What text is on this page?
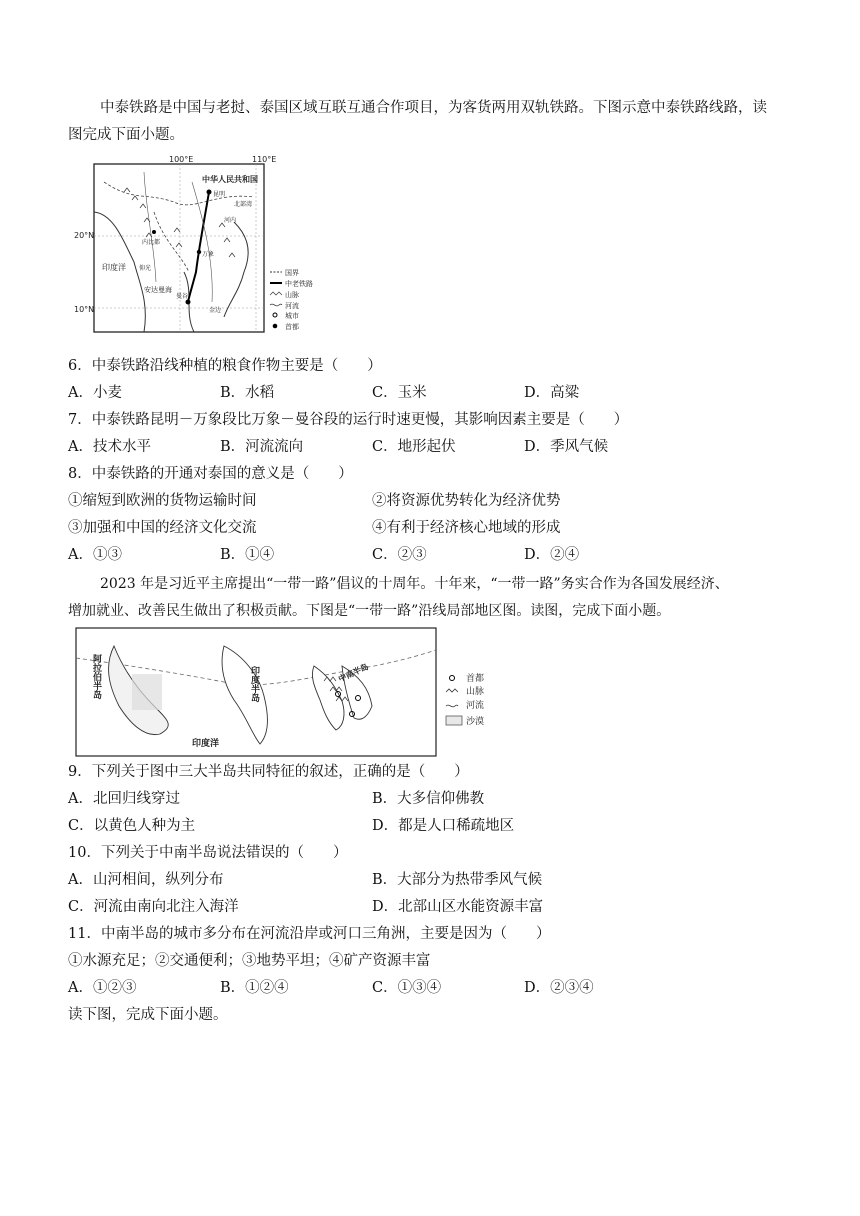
中泰铁路是中国与老挝、泰国区域互联互通合作项目，为客货两用双轨铁路。下图示意中泰铁路线路，读
图完成下面小题。
100°E	110°E
20°N
10°N
中华人民共和国
昆明
北部湾
河内
万象
内比都
曼谷
仰光
金边
印度洋
安达曼海
国界
中老铁路
山脉
河流
城市
首都
6．中泰铁路沿线种植的粮食作物主要是（　　）
A．小麦	B．水稻	C．玉米	D．高粱
7．中泰铁路昆明－万象段比万象－曼谷段的运行时速更慢，其影响因素主要是（　　）
A．技术水平	B．河流流向	C．地形起伏	D．季风气候
8．中泰铁路的开通对泰国的意义是（　　）
①缩短到欧洲的货物运输时间	②将资源优势转化为经济优势
③加强和中国的经济文化交流	④有利于经济核心地域的形成
A．①③	B．①④	C．②③	D．②④
2023 年是习近平主席提出“一带一路”倡议的十周年。十年来，“一带一路”务实合作为各国发展经济、
增加就业、改善民生做出了积极贡献。下图是“一带一路”沿线局部地区图。读图，完成下面小题。
阿拉伯半岛	印度半岛	中南半岛
印度洋
首都
山脉
河流
沙漠
9．下列关于图中三大半岛共同特征的叙述，正确的是（　　）
A．北回归线穿过	B．大多信仰佛教
C．以黄色人种为主	D．都是人口稀疏地区
10．下列关于中南半岛说法错误的（　　）
A．山河相间，纵列分布	B．大部分为热带季风气候
C．河流由南向北注入海洋	D．北部山区水能资源丰富
11．中南半岛的城市多分布在河流沿岸或河口三角洲，主要是因为（　　）
①水源充足；②交通便利；③地势平坦；④矿产资源丰富
A．①②③	B．①②④	C．①③④	D．②③④
读下图，完成下面小题。
